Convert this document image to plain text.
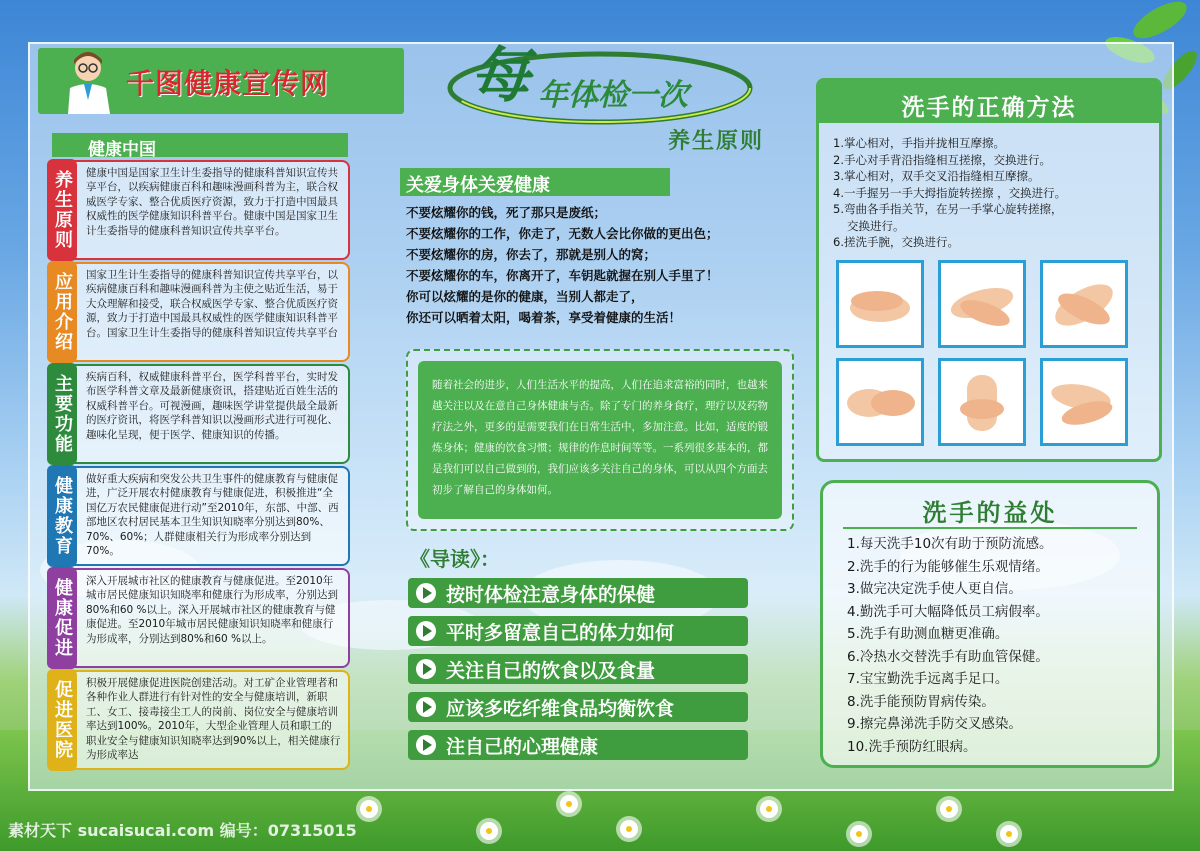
千图健康宣传网
健康中国
养生原则	健康中国是国家卫生计生委指导的健康科普知识宣传共享平台，以疾病健康百科和趣味漫画科普为主，联合权威医学专家、整合优质医疗资源，致力于打造中国最具权威性的医学健康知识科普平台。健康中国是国家卫生计生委指导的健康科普知识宣传共享平台。
应用介绍	国家卫生计生委指导的健康科普知识宣传共享平台，以疾病健康百科和趣味漫画科普为主使之贴近生活，易于大众理解和接受，联合权威医学专家、整合优质医疗资源，致力于打造中国最具权威性的医学健康知识科普平台。国家卫生计生委指导的健康科普知识宣传共享平台
主要功能	疾病百科，权威健康科普平台，医学科普平台，实时发布医学科普文章及最新健康资讯，搭建贴近百姓生活的权威科普平台。可视漫画，趣味医学讲堂提供最全最新的医疗资讯，将医学科普知识以漫画形式进行可视化、趣味化呈现，便于医学、健康知识的传播。
健康教育	做好重大疾病和突发公共卫生事件的健康教育与健康促进，广泛开展农村健康教育与健康促进，积极推进“全国亿万农民健康促进行动”至2010年，东部、中部、西部地区农村居民基本卫生知识知晓率分别达到80%、70%、60%；人群健康相关行为形成率分别达到70%。
健康促进	深入开展城市社区的健康教育与健康促进。至2010年城市居民健康知识知晓率和健康行为形成率，分别达到80%和60 %以上。深入开展城市社区的健康教育与健康促进。至2010年城市居民健康知识知晓率和健康行为形成率，分别达到80%和60 %以上。
促进医院	积极开展健康促进医院创建活动。对工矿企业管理者和各种作业人群进行有针对性的安全与健康培训，新职工、女工、接毒接尘工人的岗前、岗位安全与健康培训率达到100%。2010年，大型企业管理人员和职工的职业安全与健康知识知晓率达到90%以上，相关健康行为形成率达
每 年体检一次
养生原则
关爱身体关爱健康
不要炫耀你的钱，死了那只是废纸；
不要炫耀你的工作，你走了，无数人会比你做的更出色；
不要炫耀你的房，你去了，那就是别人的窝；
不要炫耀你的车，你离开了，车钥匙就握在别人手里了！
你可以炫耀的是你的健康，当别人都走了，
你还可以晒着太阳，喝着茶，享受着健康的生活！
随着社会的进步，人们生活水平的提高，人们在追求富裕的同时，也越来越关注以及在意自己身体健康与否。除了专门的养身食疗，理疗以及药物疗法之外，更多的是需要我们在日常生活中，多加注意。比如，适度的锻炼身体；健康的饮食习惯；规律的作息时间等等。一系列很多基本的，都是我们可以自己做到的，我们应该多关注自己的身体，可以从四个方面去初步了解自己的身体如何。
《导读》：
按时体检注意身体的保健
平时多留意自己的体力如何
关注自己的饮食以及食量
应该多吃纤维食品均衡饮食
注自己的心理健康
洗手的正确方法
1.掌心相对，手指并拢相互摩擦。
2.手心对手背沿指缝相互搓擦，交换进行。
3.掌心相对，双手交叉沿指缝相互摩擦。
4.一手握另一手大拇指旋转搓擦 ，交换进行。
5.弯曲各手指关节，在另一手掌心旋转搓擦，
交换进行。
6.搓洗手腕，交换进行。
洗手的益处
1.每天洗手10次有助于预防流感。
2.洗手的行为能够催生乐观情绪。
3.做完决定洗手使人更自信。
4.勤洗手可大幅降低员工病假率。
5.洗手有助测血糖更准确。
6.冷热水交替洗手有助血管保健。
7.宝宝勤洗手远离手足口。
8.洗手能预防胃病传染。
9.擦完鼻涕洗手防交叉感染。
10.洗手预防红眼病。
素材天下 sucaisucai.com 编号：07315015
